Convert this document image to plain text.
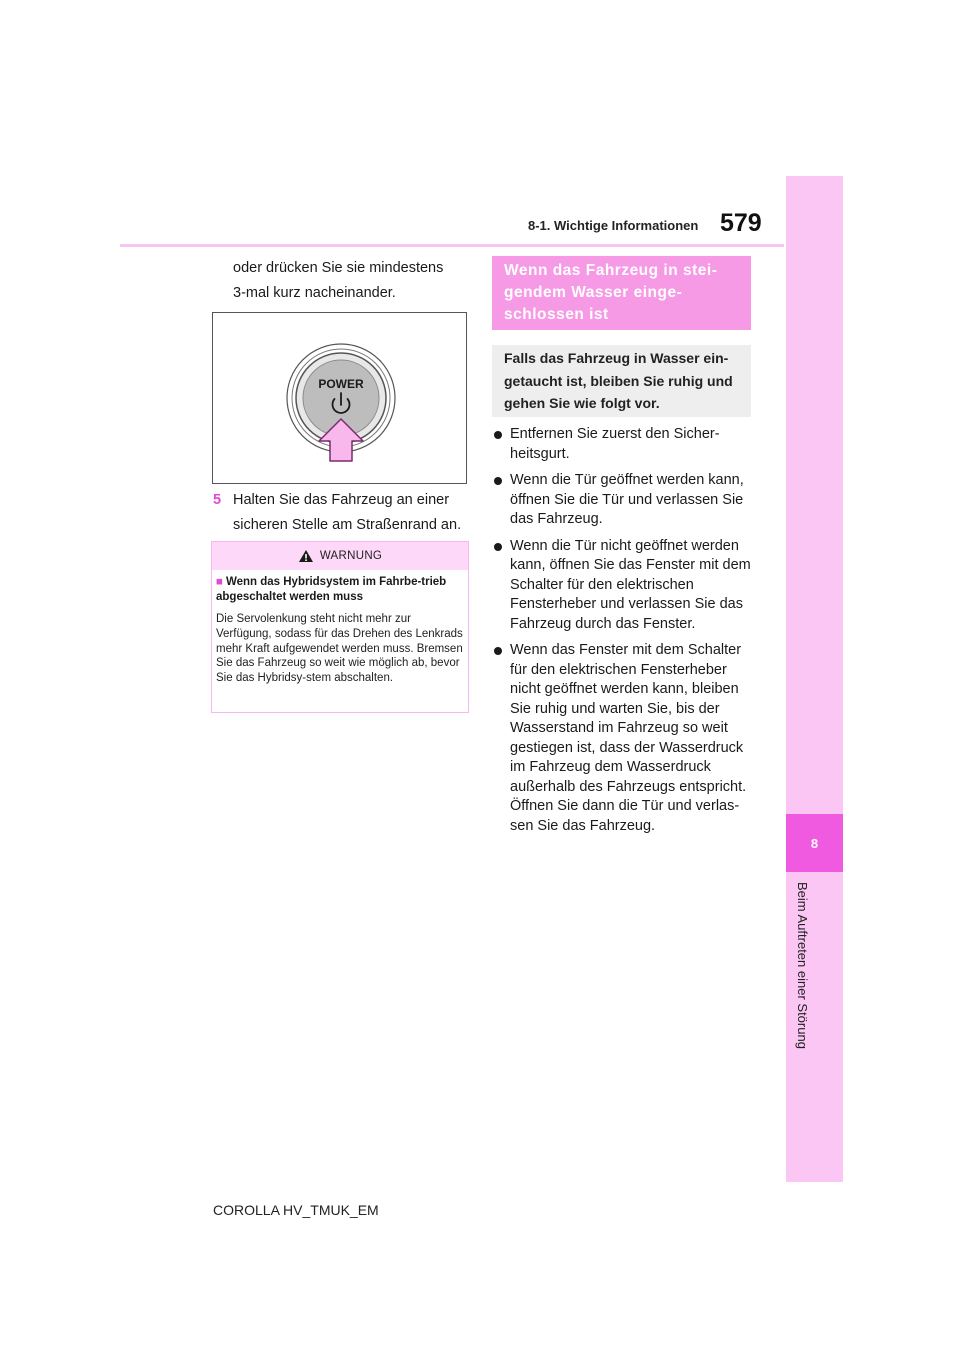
8-1. Wichtige Informationen 579
8
Beim Auftreten einer Störung
oder drücken Sie sie mindestens
3-mal kurz nacheinander.
POWER
5 Halten Sie das Fahrzeug an einer
sicheren Stelle am Straßenrand an.
WARNUNG
■ Wenn das Hybridsystem im Fahrbe-trieb abgeschaltet werden muss
Die Servolenkung steht nicht mehr zur Verfügung, sodass für das Drehen des Lenkrads mehr Kraft aufgewendet werden muss. Bremsen Sie das Fahrzeug so weit wie möglich ab, bevor Sie das Hybridsy-stem abschalten.
Wenn das Fahrzeug in stei-gendem Wasser einge-schlossen ist
Falls das Fahrzeug in Wasser ein-getaucht ist, bleiben Sie ruhig und gehen Sie wie folgt vor.
Entfernen Sie zuerst den Sicher-heitsgurt.
Wenn die Tür geöffnet werden kann, öffnen Sie die Tür und verlassen Sie das Fahrzeug.
Wenn die Tür nicht geöffnet werden kann, öffnen Sie das Fenster mit dem Schalter für den elektrischen Fensterheber und verlassen Sie das Fahrzeug durch das Fenster.
Wenn das Fenster mit dem Schalter für den elektrischen Fensterheber nicht geöffnet werden kann, bleiben Sie ruhig und warten Sie, bis der Wasserstand im Fahrzeug so weit gestiegen ist, dass der Wasserdruck im Fahrzeug dem Wasserdruck außerhalb des Fahrzeugs entspricht. Öffnen Sie dann die Tür und verlas-sen Sie das Fahrzeug.
COROLLA HV_TMUK_EM
